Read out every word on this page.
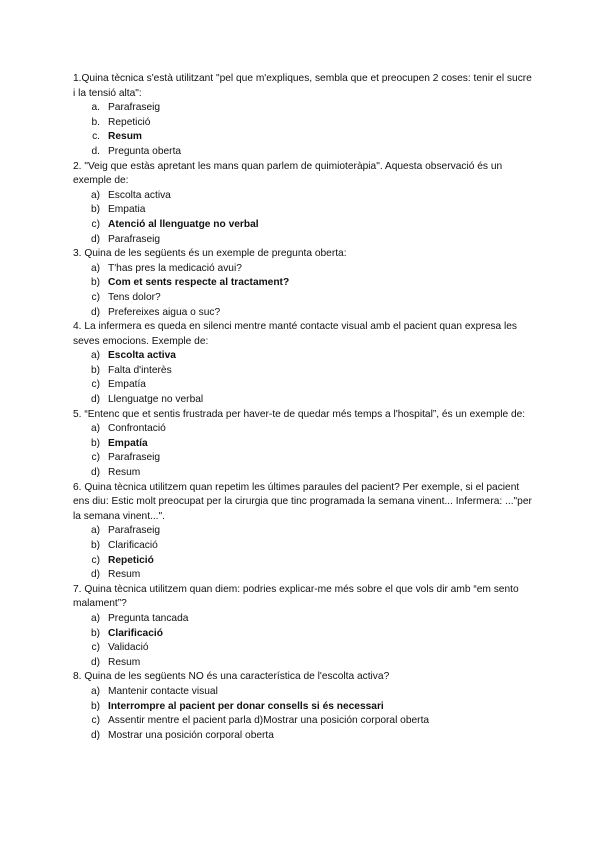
1.Quina tècnica s'està utilitzant "pel que m'expliques, sembla que et preocupen 2 coses: tenir el sucre i la tensió alta":

a. Parafraseig
b. Repetició
c. Resum
d. Pregunta oberta

2. "Veig que estàs apretant les mans quan parlem de quimioteràpia". Aquesta observació és un exemple de:

a) Escolta activa
b) Empatia
c) Atenció al llenguatge no verbal
d) Parafraseig

3. Quina de les següents és un exemple de pregunta oberta:

a) T'has pres la medicació avui?
b) Com et sents respecte al tractament?
c) Tens dolor?
d) Prefereixes aigua o suc?

4. La infermera es queda en silenci mentre manté contacte visual amb el pacient quan expresa les seves emocions. Exemple de:

a) Escolta activa
b) Falta d'interès
c) Empatía
d) Llenguatge no verbal

5. “Entenc que et sentis frustrada per haver-te de quedar més temps a l'hospital”, és un exemple de:

a) Confrontació
b) Empatía
c) Parafraseig
d) Resum

6. Quina tècnica utilitzem quan repetim les últimes paraules del pacient? Per exemple, si el pacient ens diu: Estic molt preocupat per la cirurgia que tinc programada la semana vinent... Infermera: ..."per la semana vinent...".

a) Parafraseig
b) Clarificació
c) Repetició
d) Resum

7. Quina tècnica utilitzem quan diem: podries explicar-me més sobre el que vols dir amb “em sento malament”?

a) Pregunta tancada
b) Clarificació
c) Validació
d) Resum

8. Quina de les següents NO és una característica de l'escolta activa?

a) Mantenir contacte visual
b) Interrompre al pacient per donar consells si és necessari
c) Assentir mentre el pacient parla d)Mostrar una posición corporal oberta
d) Mostrar una posición corporal oberta
